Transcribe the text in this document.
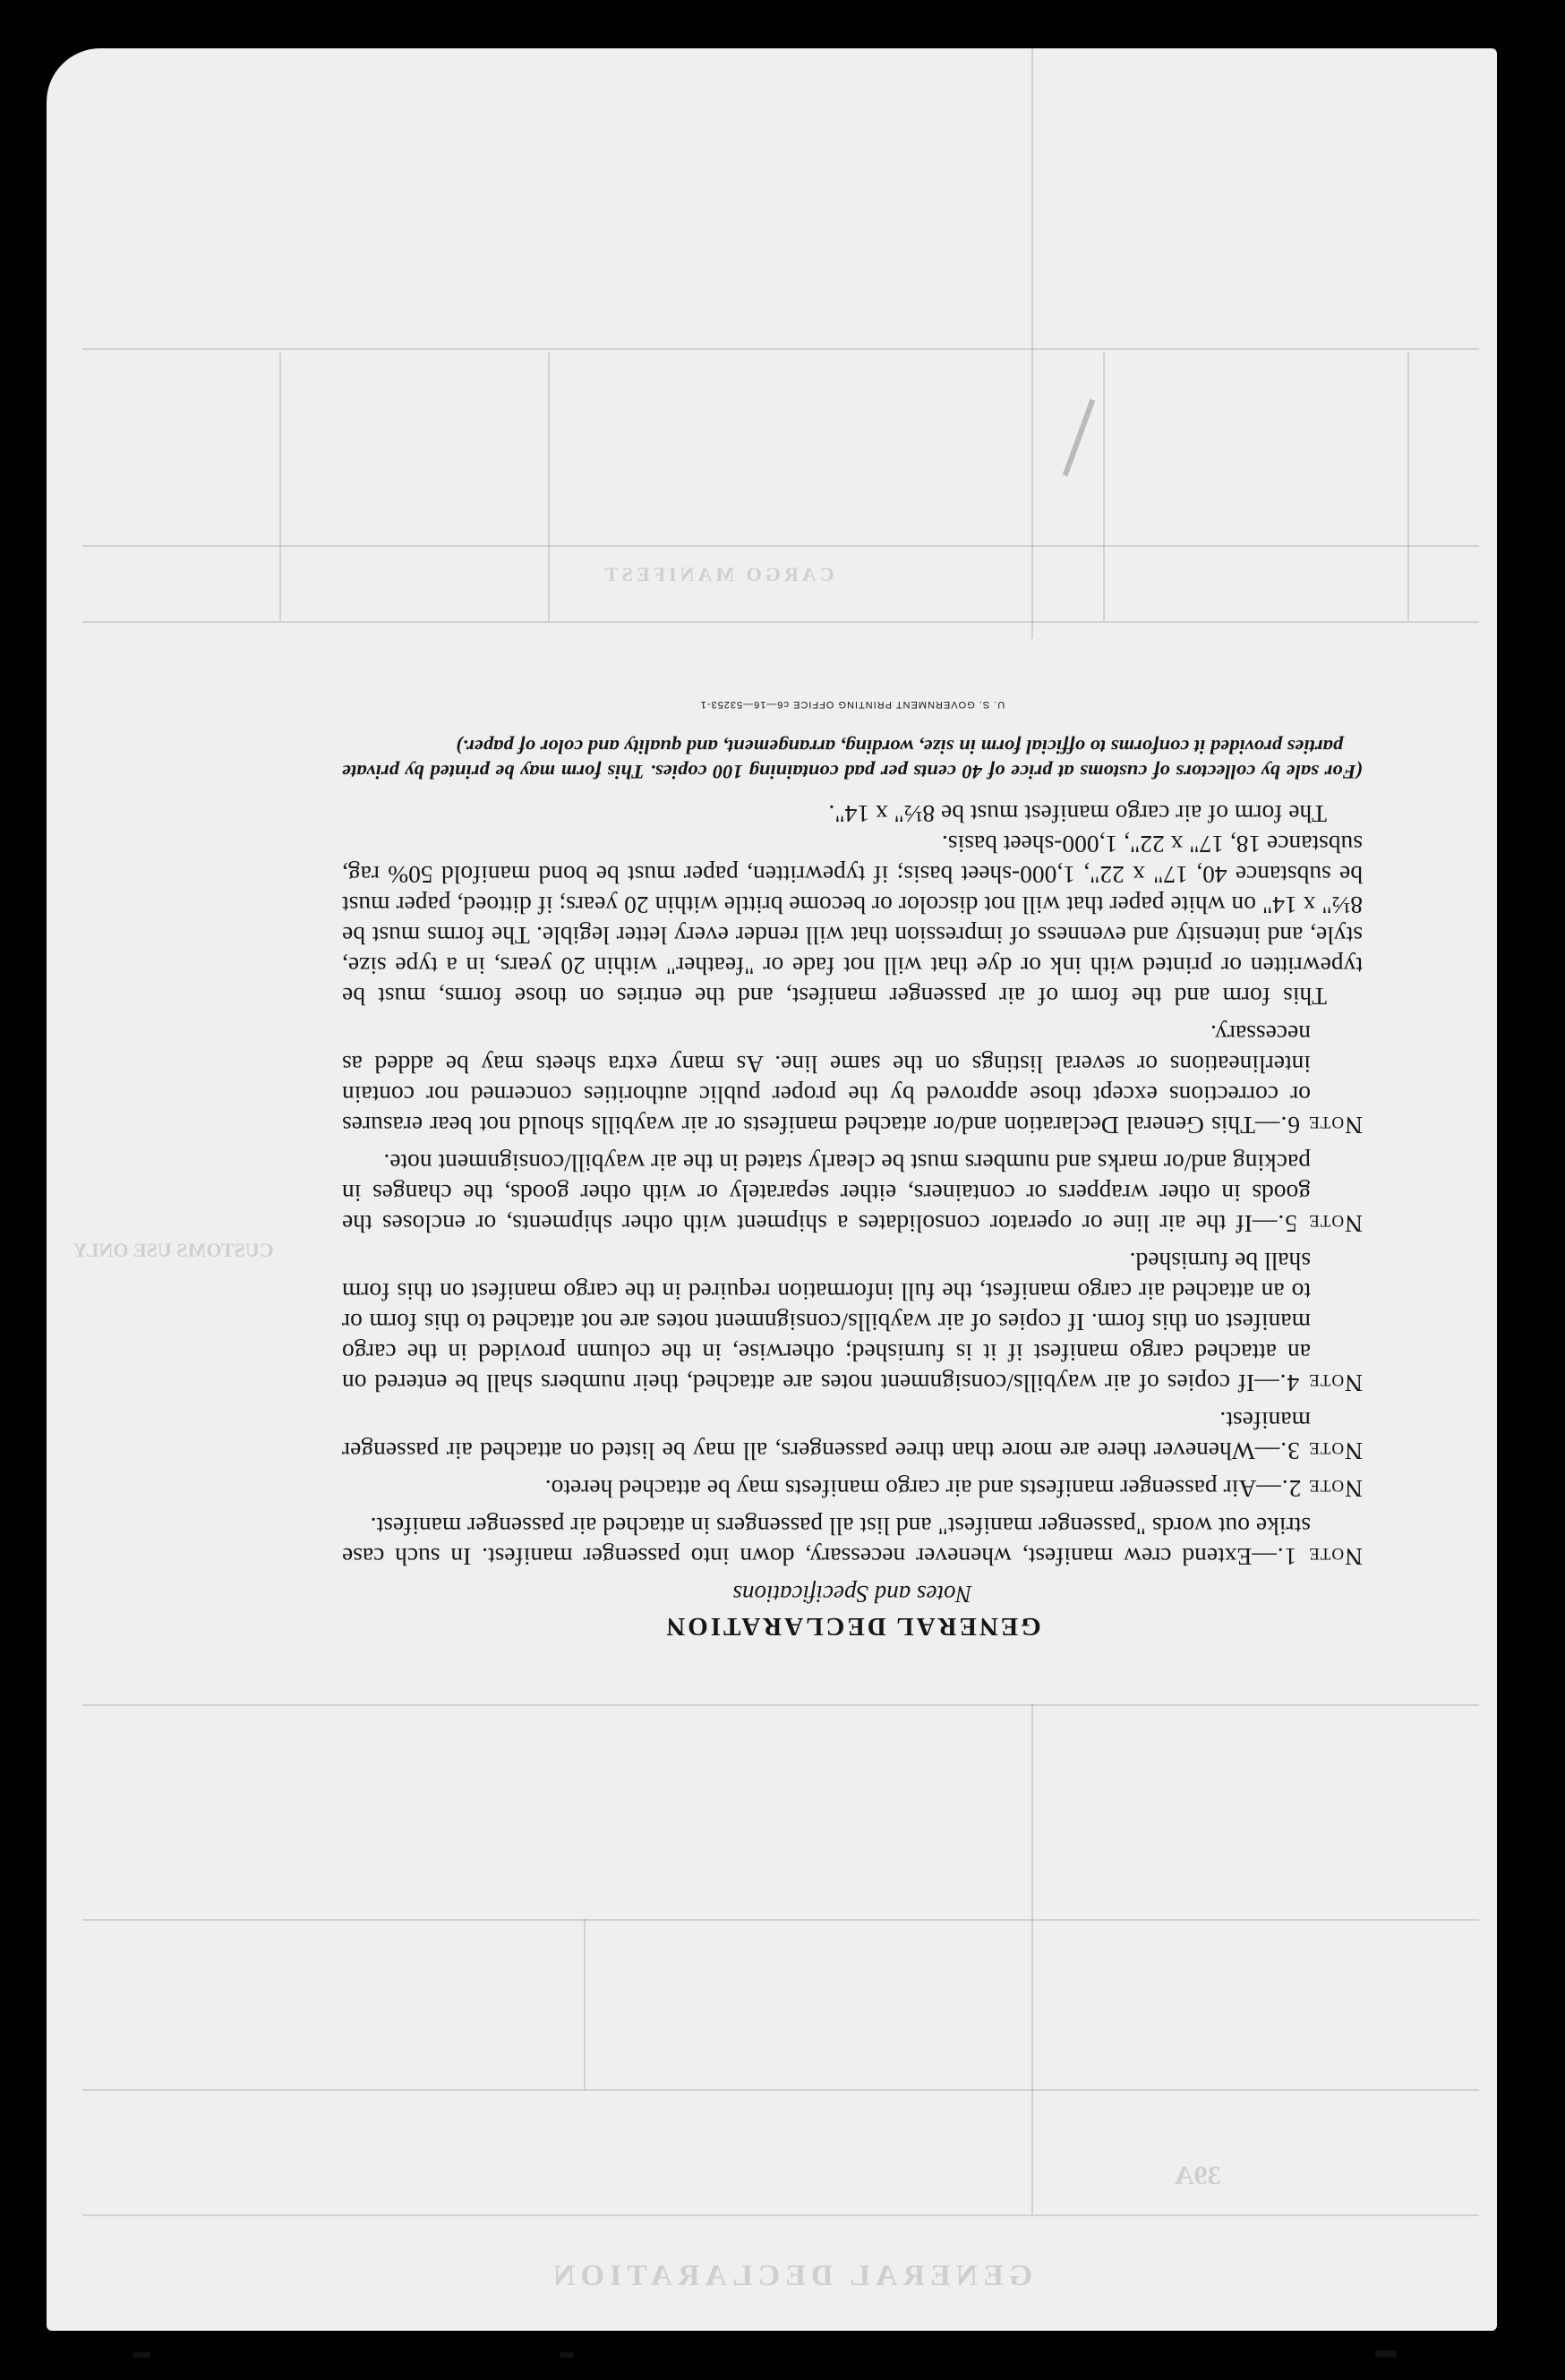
GENERAL DECLARATION
CARGO MANIFEST
39A
CUSTOMS USE ONLY
GENERAL DECLARATION
Notes and Specifications
Note 1.—Extend crew manifest, whenever necessary, down into passenger manifest. In such case strike out words "passenger manifest" and list all passengers in attached air passenger manifest.
Note 2.—Air passenger manifests and air cargo manifests may be attached hereto.
Note 3.—Whenever there are more than three passengers, all may be listed on attached air passenger manifest.
Note 4.—If copies of air waybills/consignment notes are attached, their numbers shall be entered on an attached cargo manifest if it is furnished; otherwise, in the column provided in the cargo manifest on this form. If copies of air waybills/consignment notes are not attached to this form or to an attached air cargo manifest, the full information required in the cargo manifest on this form shall be furnished.
Note 5.—If the air line or operator consolidates a shipment with other shipments, or encloses the goods in other wrappers or containers, either separately or with other goods, the changes in packing and/or marks and numbers must be clearly stated in the air waybill/consignment note.
Note 6.—This General Declaration and/or attached manifests or air waybills should not bear erasures or corrections except those approved by the proper public authorities concerned nor contain interlineations or several listings on the same line. As many extra sheets may be added as necessary.

This form and the form of air passenger manifest, and the entries on those forms, must be typewritten or printed with ink or dye that will not fade or "feather" within 20 years, in a type size, style, and intensity and evenness of impression that will render every letter legible. The forms must be 8½" x 14" on white paper that will not discolor or become brittle within 20 years; if dittoed, paper must be substance 40, 17" x 22", 1,000-sheet basis; if typewritten, paper must be bond manifold 50% rag, substance 18, 17" x 22", 1,000-sheet basis.

The form of air cargo manifest must be 8½" x 14".

(For sale by collectors of customs at price of 40 cents per pad containing 100 copies. This form may be printed by private parties provided it conforms to official form in size, wording, arrangement, and quality and color of paper.)
U. S. GOVERNMENT PRINTING OFFICE c6—16—53253-1
